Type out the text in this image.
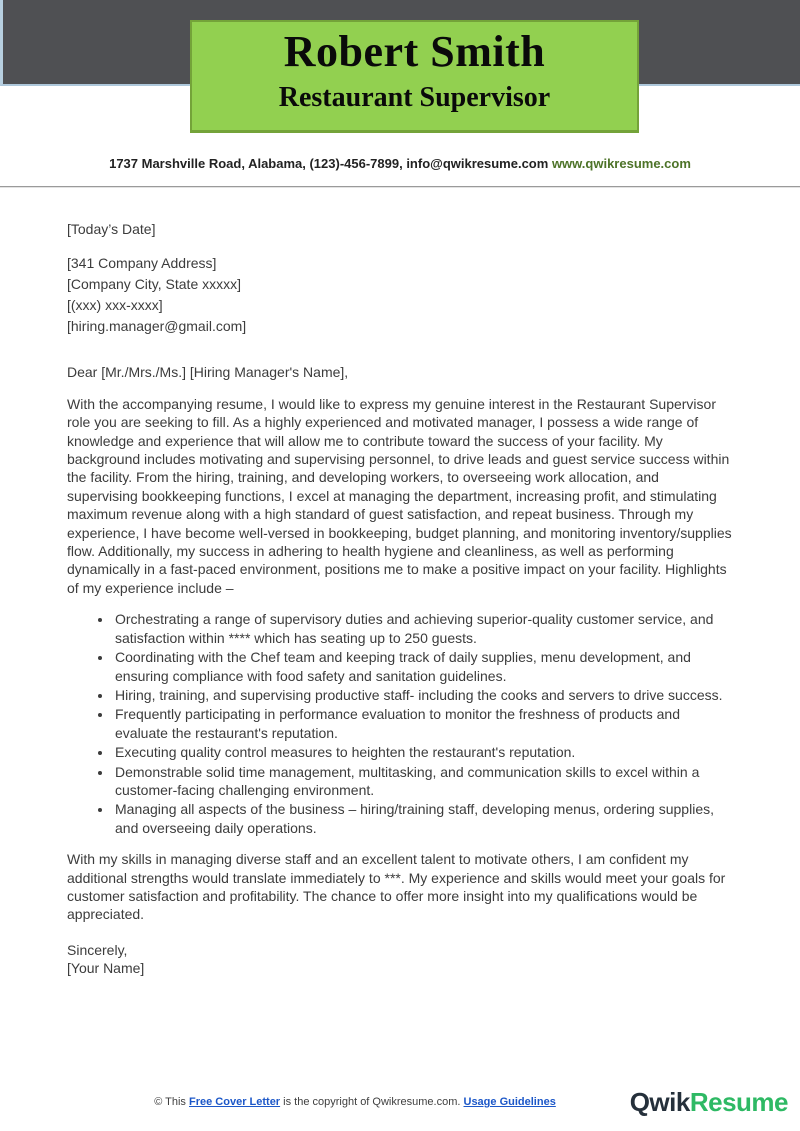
Robert Smith
Restaurant Supervisor
1737 Marshville Road, Alabama, (123)-456-7899, info@qwikresume.com www.qwikresume.com
[Today’s Date]
[341 Company Address]
[Company City, State xxxxx]
[(xxx) xxx-xxxx]
[hiring.manager@gmail.com]
Dear [Mr./Mrs./Ms.] [Hiring Manager's Name],

With the accompanying resume, I would like to express my genuine interest in the Restaurant Supervisor role you are seeking to fill. As a highly experienced and motivated manager, I possess a wide range of knowledge and experience that will allow me to contribute toward the success of your facility. My background includes motivating and supervising personnel, to drive leads and guest service success within the facility. From the hiring, training, and developing workers, to overseeing work allocation, and supervising bookkeeping functions, I excel at managing the department, increasing profit, and stimulating maximum revenue along with a high standard of guest satisfaction, and repeat business. Through my experience, I have become well-versed in bookkeeping, budget planning, and monitoring inventory/supplies flow. Additionally, my success in adhering to health hygiene and cleanliness, as well as performing dynamically in a fast-paced environment, positions me to make a positive impact on your facility. Highlights of my experience include –

• Orchestrating a range of supervisory duties and achieving superior-quality customer service, and satisfaction within **** which has seating up to 250 guests.
• Coordinating with the Chef team and keeping track of daily supplies, menu development, and ensuring compliance with food safety and sanitation guidelines.
• Hiring, training, and supervising productive staff- including the cooks and servers to drive success.
• Frequently participating in performance evaluation to monitor the freshness of products and evaluate the restaurant's reputation.
• Executing quality control measures to heighten the restaurant's reputation.
• Demonstrable solid time management, multitasking, and communication skills to excel within a customer-facing challenging environment.
• Managing all aspects of the business – hiring/training staff, developing menus, ordering supplies, and overseeing daily operations.

With my skills in managing diverse staff and an excellent talent to motivate others, I am confident my additional strengths would translate immediately to ***. My experience and skills would meet your goals for customer satisfaction and profitability. The chance to offer more insight into my qualifications would be appreciated.

Sincerely,
[Your Name]
© This Free Cover Letter is the copyright of Qwikresume.com. Usage Guidelines	QwikResume
